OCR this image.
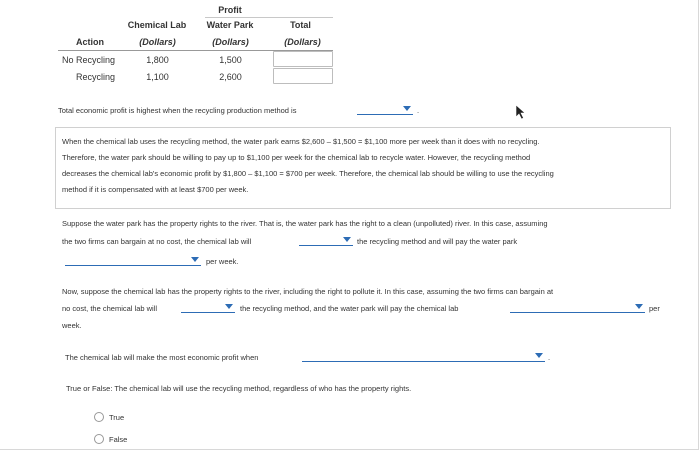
Profit
Chemical Lab	Water Park	Total
Action	(Dollars)	(Dollars)	(Dollars)
No Recycling	1,800	1,500
Recycling	1,100	2,600
Total economic profit is highest when the recycling production method is	.
When the chemical lab uses the recycling method, the water park earns $2,600 – $1,500 = $1,100 more per week than it does with no recycling.
Therefore, the water park should be willing to pay up to $1,100 per week for the chemical lab to recycle water. However, the recycling method
decreases the chemical lab's economic profit by $1,800 – $1,100 = $700 per week. Therefore, the chemical lab should be willing to use the recycling
method if it is compensated with at least $700 per week.
Suppose the water park has the property rights to the river. That is, the water park has the right to a clean (unpolluted) river. In this case, assuming
the two firms can bargain at no cost, the chemical lab will	the recycling method and will pay the water park
per week.
Now, suppose the chemical lab has the property rights to the river, including the right to pollute it. In this case, assuming the two firms can bargain at
no cost, the chemical lab will	the recycling method, and the water park will pay the chemical lab	per
week.
The chemical lab will make the most economic profit when	.
True or False: The chemical lab will use the recycling method, regardless of who has the property rights.
True
False
